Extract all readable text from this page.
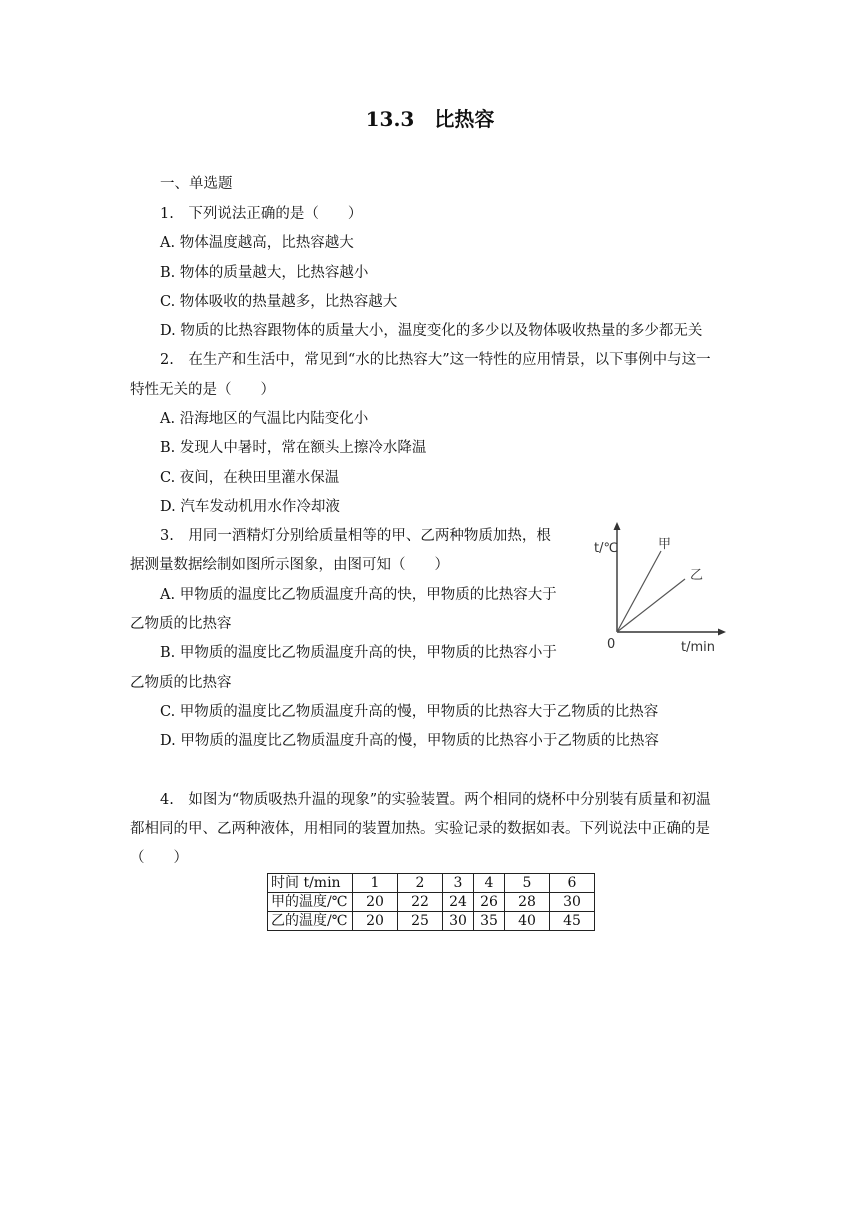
13.3　比热容
一、单选题
1.　下列说法正确的是（　　）
A. 物体温度越高，比热容越大
B. 物体的质量越大，比热容越小
C. 物体吸收的热量越多，比热容越大
D. 物质的比热容跟物体的质量大小，温度变化的多少以及物体吸收热量的多少都无关
2.　在生产和生活中，常见到“水的比热容大”这一特性的应用情景，以下事例中与这一
特性无关的是（　　）
A. 沿海地区的气温比内陆变化小
B. 发现人中暑时，常在额头上擦冷水降温
C. 夜间，在秧田里灌水保温
D. 汽车发动机用水作冷却液
3.　用同一酒精灯分别给质量相等的甲、乙两种物质加热，根
据测量数据绘制如图所示图象，由图可知（　　）
A. 甲物质的温度比乙物质温度升高的快，甲物质的比热容大于
乙物质的比热容
B. 甲物质的温度比乙物质温度升高的快，甲物质的比热容小于
乙物质的比热容
C. 甲物质的温度比乙物质温度升高的慢，甲物质的比热容大于乙物质的比热容
D. 甲物质的温度比乙物质温度升高的慢，甲物质的比热容小于乙物质的比热容
t/℃
t/min
0
甲
乙
4.　如图为“物质吸热升温的现象”的实验装置。两个相同的烧杯中分别装有质量和初温
都相同的甲、乙两种液体，用相同的装置加热。实验记录的数据如表。下列说法中正确的是
（　　）
时间 t/min	1	2	3	4	5	6
甲的温度/℃	20	22	24	26	28	30
乙的温度/℃	20	25	30	35	40	45
